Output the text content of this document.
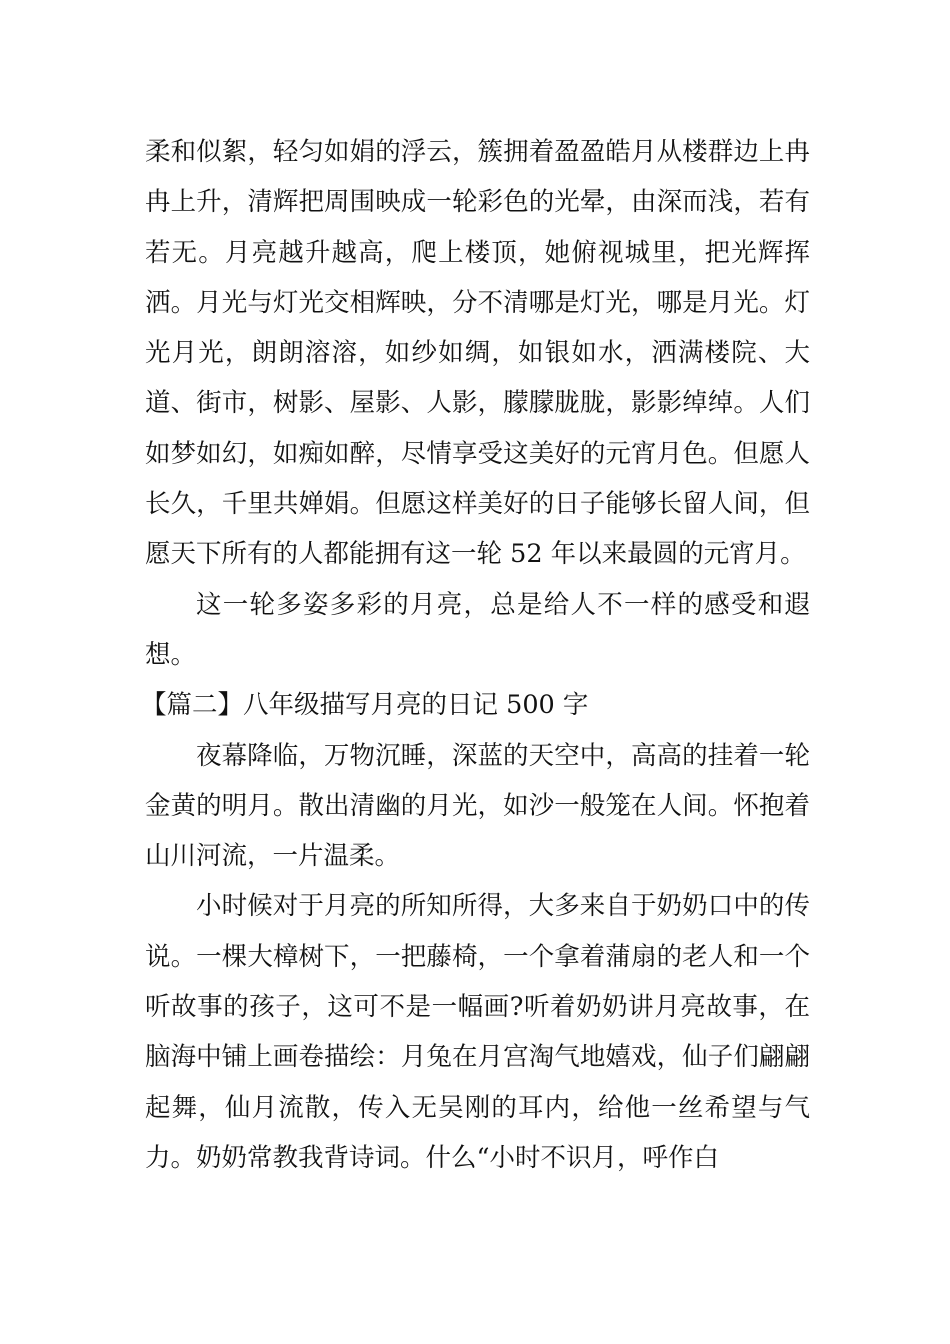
柔和似絮，轻匀如娟的浮云，簇拥着盈盈皓月从楼群边上冉冉上升，清辉把周围映成一轮彩色的光晕，由深而浅，若有若无。月亮越升越高，爬上楼顶，她俯视城里，把光辉挥洒。月光与灯光交相辉映，分不清哪是灯光，哪是月光。灯光月光，朗朗溶溶，如纱如绸，如银如水，洒满楼院、大道、街市，树影、屋影、人影，朦朦胧胧，影影绰绰。人们如梦如幻，如痴如醉，尽情享受这美好的元宵月色。但愿人长久，千里共婵娟。但愿这样美好的日子能够长留人间，但愿天下所有的人都能拥有这一轮 52 年以来最圆的元宵月。

这一轮多姿多彩的月亮，总是给人不一样的感受和遐想。

【篇二】八年级描写月亮的日记 500 字

夜幕降临，万物沉睡，深蓝的天空中，高高的挂着一轮金黄的明月。散出清幽的月光，如沙一般笼在人间。怀抱着山川河流，一片温柔。

小时候对于月亮的所知所得，大多来自于奶奶口中的传说。一棵大樟树下，一把藤椅，一个拿着蒲扇的老人和一个听故事的孩子，这可不是一幅画?听着奶奶讲月亮故事，在脑海中铺上画卷描绘：月兔在月宫淘气地嬉戏，仙子们翩翩起舞，仙月流散，传入无吴刚的耳内，给他一丝希望与气力。奶奶常教我背诗词。什么“小时不识月，呼作白
